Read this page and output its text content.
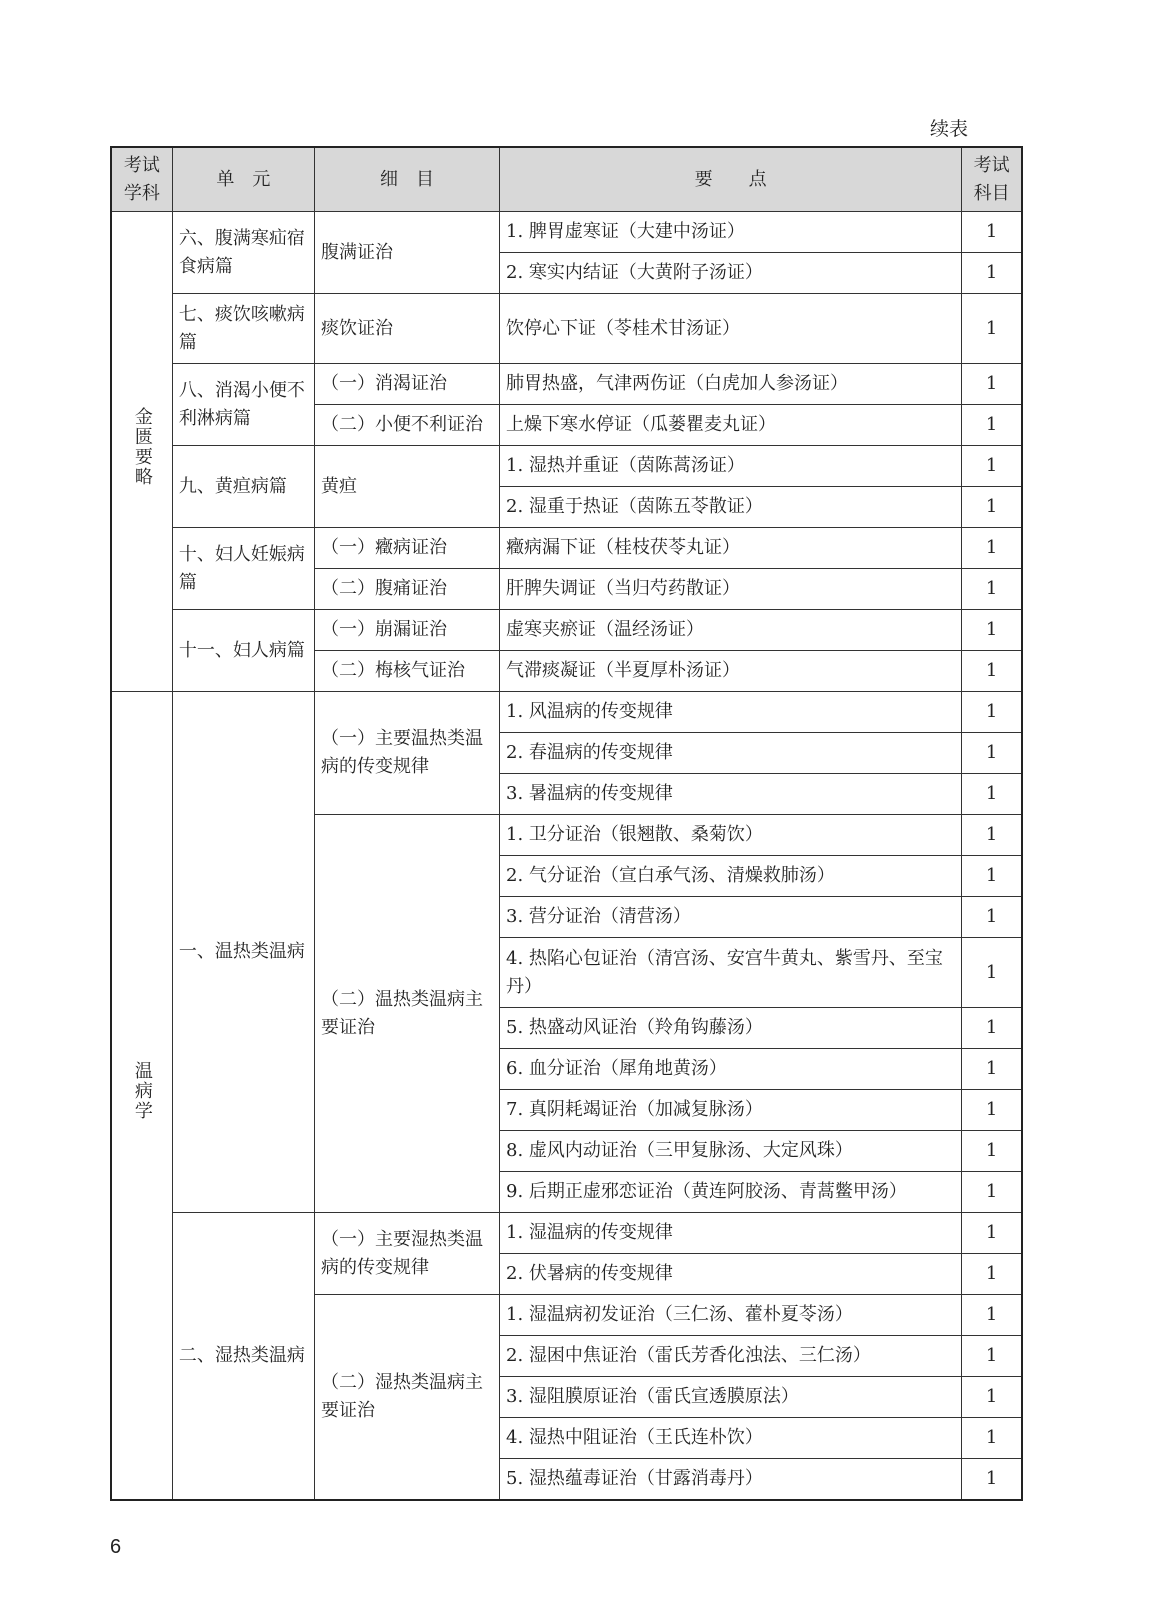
续表
考试学科	单　元	细　目	要　　点	考试科目
金匮要略	六、腹满寒疝宿食病篇	腹满证治	1. 脾胃虚寒证（大建中汤证）	1
			2. 寒实内结证（大黄附子汤证）	1
	七、痰饮咳嗽病篇	痰饮证治	饮停心下证（苓桂术甘汤证）	1
	八、消渴小便不利淋病篇	（一）消渴证治	肺胃热盛，气津两伤证（白虎加人参汤证）	1
		（二）小便不利证治	上燥下寒水停证（瓜蒌瞿麦丸证）	1
	九、黄疸病篇	黄疸	1. 湿热并重证（茵陈蒿汤证）	1
			2. 湿重于热证（茵陈五苓散证）	1
	十、妇人妊娠病篇	（一）癥病证治	癥病漏下证（桂枝茯苓丸证）	1
		（二）腹痛证治	肝脾失调证（当归芍药散证）	1
	十一、妇人病篇	（一）崩漏证治	虚寒夹瘀证（温经汤证）	1
		（二）梅核气证治	气滞痰凝证（半夏厚朴汤证）	1
温病学	一、温热类温病	（一）主要温热类温病的传变规律	1. 风温病的传变规律	1
			2. 春温病的传变规律	1
			3. 暑温病的传变规律	1
		（二）温热类温病主要证治	1. 卫分证治（银翘散、桑菊饮）	1
			2. 气分证治（宣白承气汤、清燥救肺汤）	1
			3. 营分证治（清营汤）	1
			4. 热陷心包证治（清宫汤、安宫牛黄丸、紫雪丹、至宝丹）	1
			5. 热盛动风证治（羚角钩藤汤）	1
			6. 血分证治（犀角地黄汤）	1
			7. 真阴耗竭证治（加减复脉汤）	1
			8. 虚风内动证治（三甲复脉汤、大定风珠）	1
			9. 后期正虚邪恋证治（黄连阿胶汤、青蒿鳖甲汤）	1
	二、湿热类温病	（一）主要湿热类温病的传变规律	1. 湿温病的传变规律	1
			2. 伏暑病的传变规律	1
		（二）湿热类温病主要证治	1. 湿温病初发证治（三仁汤、藿朴夏苓汤）	1
			2. 湿困中焦证治（雷氏芳香化浊法、三仁汤）	1
			3. 湿阻膜原证治（雷氏宣透膜原法）	1
			4. 湿热中阻证治（王氏连朴饮）	1
			5. 湿热蕴毒证治（甘露消毒丹）	1
6
